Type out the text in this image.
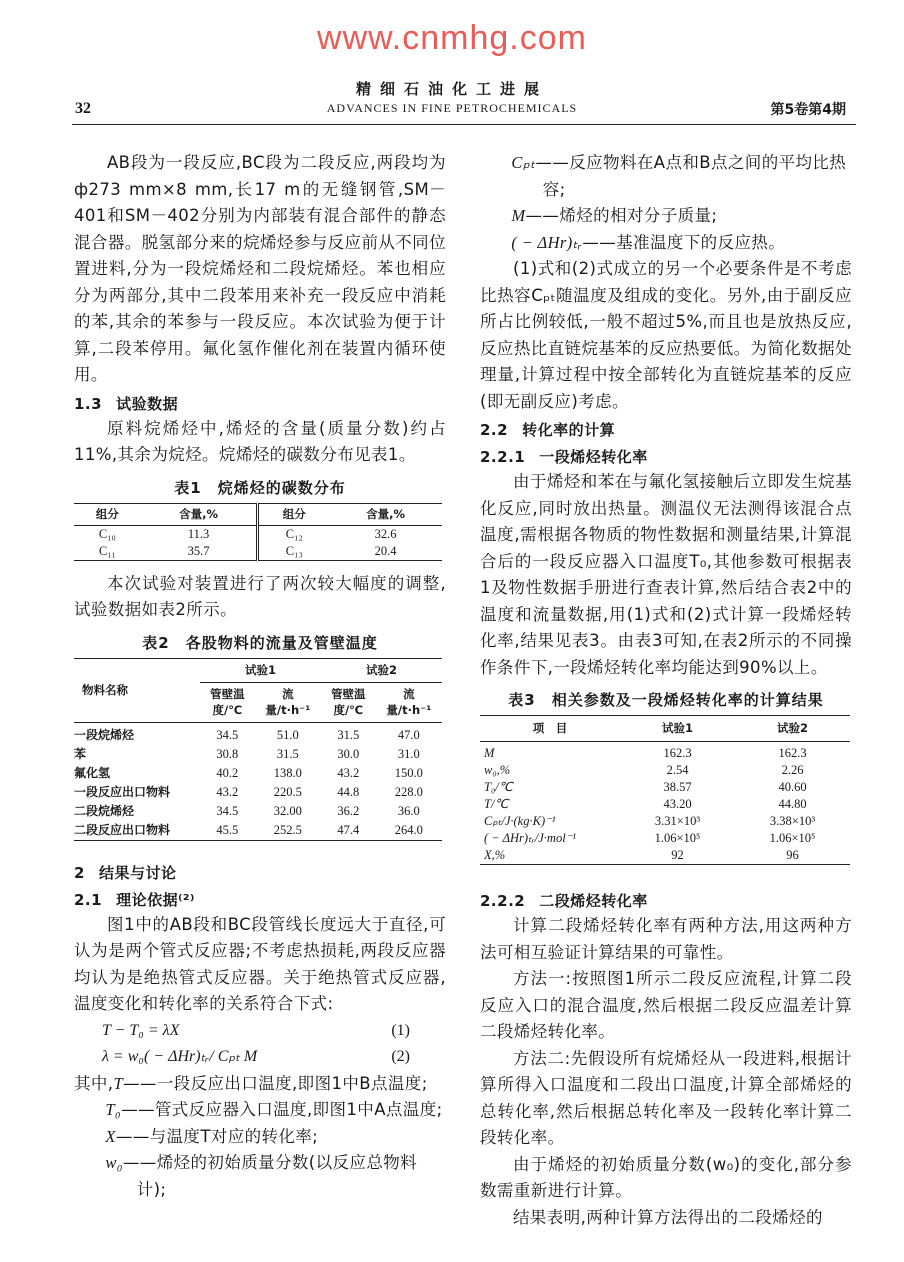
www.cnmhg.com
精细石油化工进展
ADVANCES IN FINE PETROCHEMICALS
32	第5卷第4期
AB段为一段反应,BC段为二段反应,两段均为ф273 mm×8 mm,长17 m的无缝钢管,SM－401和SM－402分别为内部装有混合部件的静态混合器。脱氢部分来的烷烯烃参与反应前从不同位置进料,分为一段烷烯烃和二段烷烯烃。苯也相应分为两部分,其中二段苯用来补充一段反应中消耗的苯,其余的苯参与一段反应。本次试验为便于计算,二段苯停用。氟化氢作催化剂在装置内循环使用。
1.3 试验数据
原料烷烯烃中,烯烃的含量(质量分数)约占11%,其余为烷烃。烷烯烃的碳数分布见表1。
表1　烷烯烃的碳数分布
组分	含量,%	组分	含量,%
C₁₀	11.3	C₁₂	32.6
C₁₁	35.7	C₁₃	20.4
本次试验对装置进行了两次较大幅度的调整,试验数据如表2所示。
表2　各股物料的流量及管壁温度
物料名称	试验1		试验2	
	管壁温度/℃	流量/t·h⁻¹	管壁温度/℃	流量/t·h⁻¹
一段烷烯烃	34.5	51.0	31.5	47.0
苯	30.8	31.5	30.0	31.0
氟化氢	40.2	138.0	43.2	150.0
一段反应出口物料	43.2	220.5	44.8	228.0
二段烷烯烃	34.5	32.00	36.2	36.0
二段反应出口物料	45.5	252.5	47.4	264.0
2 结果与讨论
2.1 理论依据⁽²⁾
图1中的AB段和BC段管线长度远大于直径,可认为是两个管式反应器;不考虑热损耗,两段反应器均认为是绝热管式反应器。关于绝热管式反应器,温度变化和转化率的关系符合下式:
T − T₀ = λX	(1)
λ = w₀( − ΔHr)ₜᵣ/ Cₚₜ M	(2)
其中, T——一段反应出口温度,即图1中B点温度;
T₀——管式反应器入口温度,即图1中A点温度;
X——与温度T对应的转化率;
w₀——烯烃的初始质量分数(以反应总物料计);
Cₚₜ——反应物料在A点和B点之间的平均比热容;
M——烯烃的相对分子质量;
( − ΔHr)ₜᵣ——基准温度下的反应热。
(1)式和(2)式成立的另一个必要条件是不考虑比热容Cₚₜ随温度及组成的变化。另外,由于副反应所占比例较低,一般不超过5%,而且也是放热反应,反应热比直链烷基苯的反应热要低。为简化数据处理量,计算过程中按全部转化为直链烷基苯的反应(即无副反应)考虑。
2.2 转化率的计算
2.2.1 一段烯烃转化率
由于烯烃和苯在与氟化氢接触后立即发生烷基化反应,同时放出热量。测温仪无法测得该混合点温度,需根据各物质的物性数据和测量结果,计算混合后的一段反应器入口温度T₀,其他参数可根据表1及物性数据手册进行查表计算,然后结合表2中的温度和流量数据,用(1)式和(2)式计算一段烯烃转化率,结果见表3。由表3可知,在表2所示的不同操作条件下,一段烯烃转化率均能达到90%以上。
表3　相关参数及一段烯烃转化率的计算结果
项　目	试验1	试验2
M	162.3	162.3
w₀,%	2.54	2.26
T₀/℃	38.57	40.60
T/℃	43.20	44.80
Cₚₜ/J·(kg·K)⁻¹	3.31×10³	3.38×10³
( − ΔHr)ₜᵣ/J·mol⁻¹	1.06×10⁵	1.06×10⁵
X,%	92	96
2.2.2 二段烯烃转化率
计算二段烯烃转化率有两种方法,用这两种方法可相互验证计算结果的可靠性。
方法一:按照图1所示二段反应流程,计算二段反应入口的混合温度,然后根据二段反应温差计算二段烯烃转化率。
方法二:先假设所有烷烯烃从一段进料,根据计算所得入口温度和二段出口温度,计算全部烯烃的总转化率,然后根据总转化率及一段转化率计算二段转化率。
由于烯烃的初始质量分数(w₀)的变化,部分参数需重新进行计算。
结果表明,两种计算方法得出的二段烯烃的
